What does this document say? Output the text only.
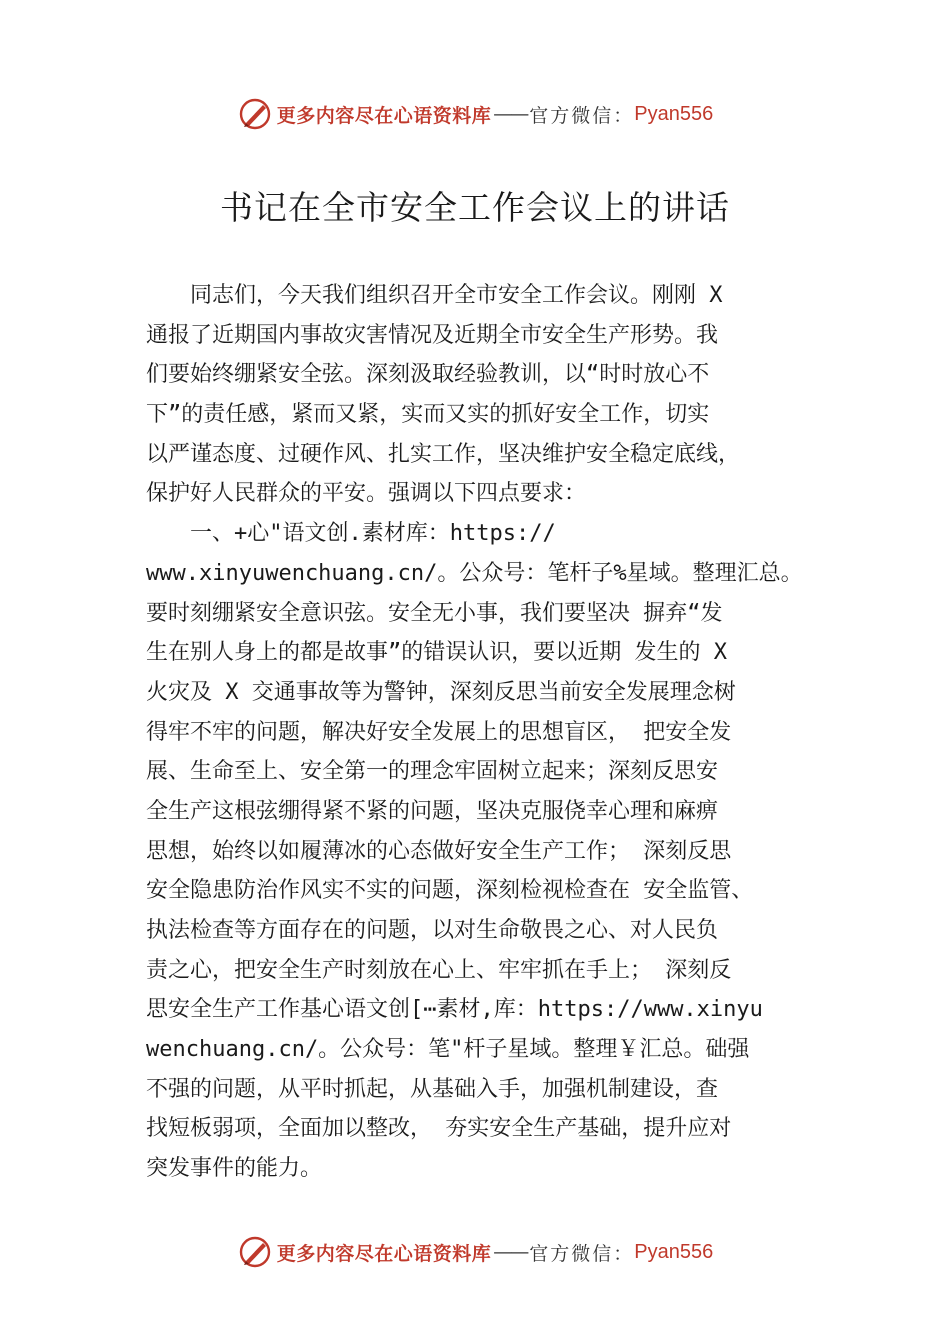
更多内容尽在心语资料库 —— 官方微信： Pyan556
书记在全市安全工作会议上的讲话
　　同志们，今天我们组织召开全市安全工作会议。刚刚 X
通报了近期国内事故灾害情况及近期全市安全生产形势。我
们要始终绷紧安全弦。深刻汲取经验教训，以“时时放心不
下”的责任感，紧而又紧，实而又实的抓好安全工作，切实
以严谨态度、过硬作风、扎实工作，坚决维护安全稳定底线，
保护好人民群众的平安。强调以下四点要求：
　　一、+心"语文创.素材库：https://
www.xinyuwenchuang.cn/。公众号：笔杆子%星域。整理汇总。
要时刻绷紧安全意识弦。安全无小事，我们要坚决 摒弃“发
生在别人身上的都是故事”的错误认识，要以近期 发生的 X
火灾及 X 交通事故等为警钟，深刻反思当前安全发展理念树
得牢不牢的问题，解决好安全发展上的思想盲区， 把安全发
展、生命至上、安全第一的理念牢固树立起来；深刻反思安
全生产这根弦绷得紧不紧的问题，坚决克服侥幸心理和麻痹
思想，始终以如履薄冰的心态做好安全生产工作； 深刻反思
安全隐患防治作风实不实的问题，深刻检视检查在 安全监管、
执法检查等方面存在的问题，以对生命敬畏之心、对人民负
责之心，把安全生产时刻放在心上、牢牢抓在手上； 深刻反
思安全生产工作基心语文创[⋯素材,库：https://www.xinyu
wenchuang.cn/。公众号：笔"杆子星域。整理￥汇总。础强
不强的问题，从平时抓起，从基础入手，加强机制建设，查
找短板弱项，全面加以整改， 夯实安全生产基础，提升应对
突发事件的能力。
更多内容尽在心语资料库 —— 官方微信： Pyan556
